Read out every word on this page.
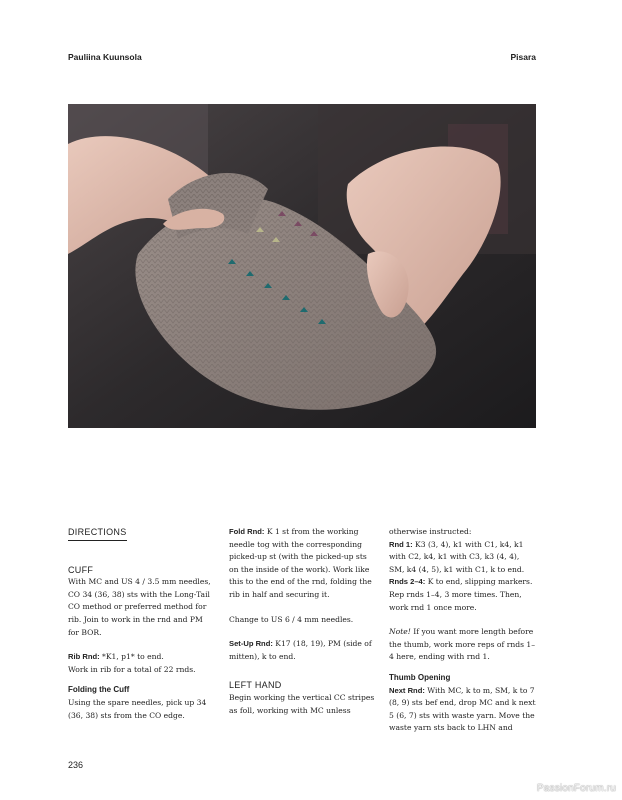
Pauliina Kuunsola	Pisara
DIRECTIONS

CUFF

With MC and US 4 / 3.5 mm needles, CO 34 (36, 38) sts with the Long-Tail CO method or preferred method for rib. Join to work in the rnd and PM for BOR.

Rib Rnd: *K1, p1* to end.

Work in rib for a total of 22 rnds.

Folding the Cuff

Using the spare needles, pick up 34 (36, 38) sts from the CO edge.

Fold Rnd: K 1 st from the working needle tog with the corresponding picked-up st (with the picked-up sts on the inside of the work). Work like this to the end of the rnd, folding the rib in half and securing it.

Change to US 6 / 4 mm needles.

Set-Up Rnd: K17 (18, 19), PM (side of mitten), k to end.

LEFT HAND

Begin working the vertical CC stripes as foll, working with MC unless

otherwise instructed:

Rnd 1: K3 (3, 4), k1 with C1, k4, k1 with C2, k4, k1 with C3, k3 (4, 4), SM, k4 (4, 5), k1 with C1, k to end.

Rnds 2–4: K to end, slipping markers. Rep rnds 1–4, 3 more times. Then, work rnd 1 once more.

Note! If you want more length before the thumb, work more reps of rnds 1–4 here, ending with rnd 1.

Thumb Opening

Next Rnd: With MC, k to m, SM, k to 7 (8, 9) sts bef end, drop MC and k next 5 (6, 7) sts with waste yarn. Move the waste yarn sts back to LHN and

236
PassionForum.ru
